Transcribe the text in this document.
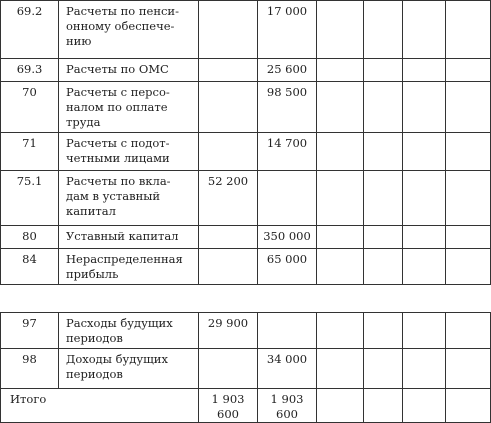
69.2	Расчеты по пенси-
онному обеспече-
нию		17 000				
69.3	Расчеты по ОМС		25 600				
70	Расчеты с персо-
налом по оплате
труда		98 500				
71	Расчеты с подот-
четными лицами		14 700				
75.1	Расчеты по вкла-
дам в уставный
капитал	52 200					
80	Уставный капитал		350 000				
84	Нераспределенная
прибыль		65 000				
97	Расходы будущих
периодов	29 900					
98	Доходы будущих
периодов		34 000				
Итого		1 903 600	1 903 600				
